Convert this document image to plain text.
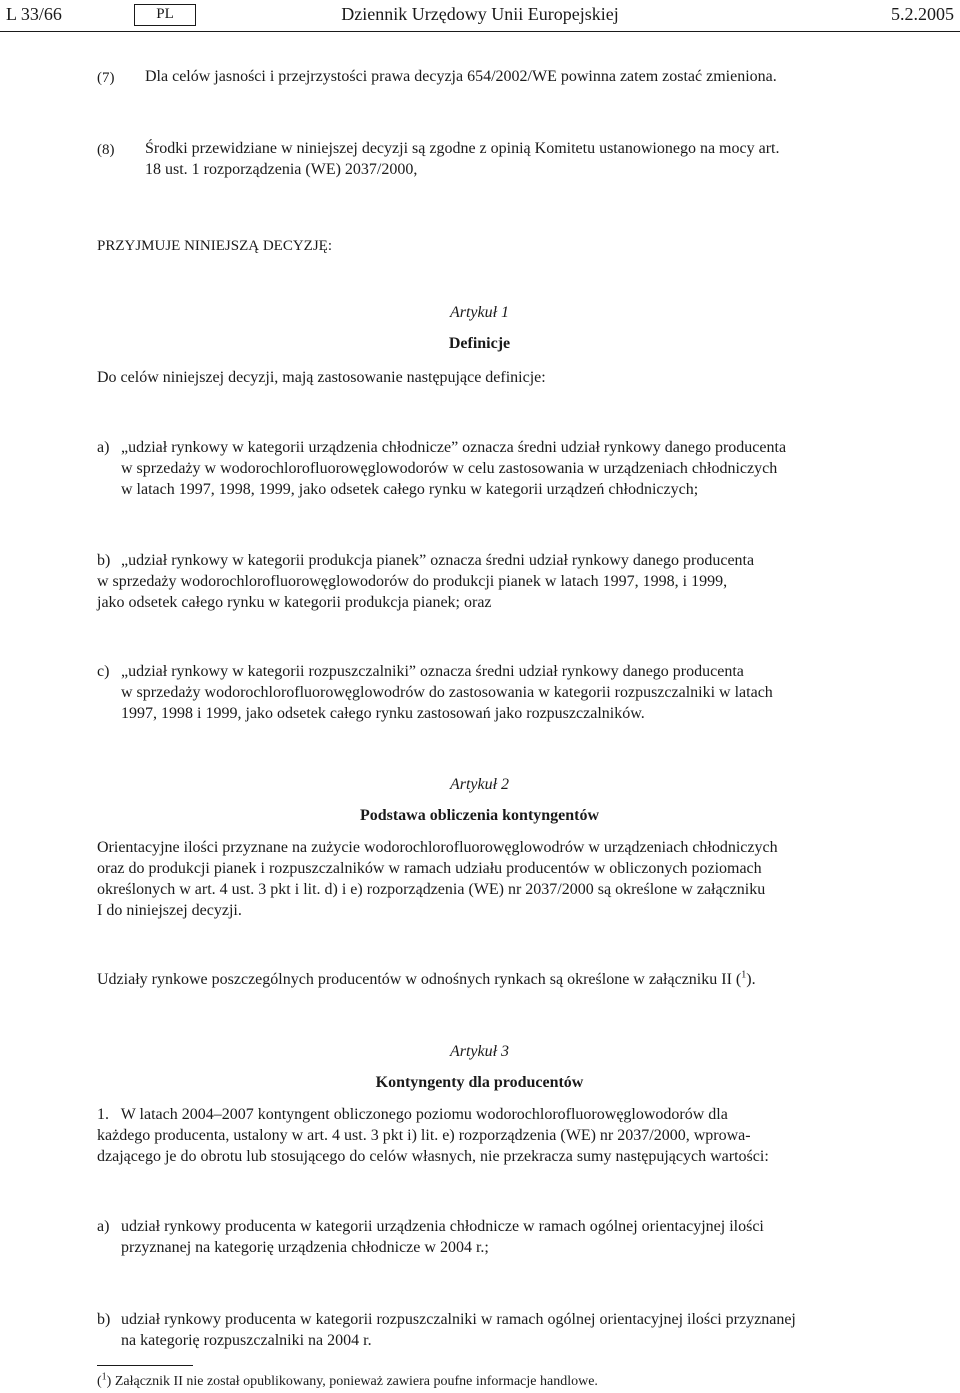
L 33/66	PL	Dziennik Urzędowy Unii Europejskiej	5.2.2005
(7) Dla celów jasności i przejrzystości prawa decyzja 654/2002/WE powinna zatem zostać zmieniona.
(8) Środki przewidziane w niniejszej decyzji są zgodne z opinią Komitetu ustanowionego na mocy art.
18 ust. 1 rozporządzenia (WE) 2037/2000,
PRZYJMUJE NINIEJSZĄ DECYZJĘ:
Artykuł 1
Definicje
Do celów niniejszej decyzji, mają zastosowanie następujące definicje:
a) „udział rynkowy w kategorii urządzenia chłodnicze” oznacza średni udział rynkowy danego producenta
w sprzedaży w wodorochlorofluorowęglowodorów w celu zastosowania w urządzeniach chłodniczych
w latach 1997, 1998, 1999, jako odsetek całego rynku w kategorii urządzeń chłodniczych;
b) „udział rynkowy w kategorii produkcja pianek” oznacza średni udział rynkowy danego producenta
w sprzedaży wodorochlorofluorowęglowodorów do produkcji pianek w latach 1997, 1998, i 1999,
jako odsetek całego rynku w kategorii produkcja pianek; oraz
c) „udział rynkowy w kategorii rozpuszczalniki” oznacza średni udział rynkowy danego producenta
w sprzedaży wodorochlorofluorowęglowodrów do zastosowania w kategorii rozpuszczalniki w latach
1997, 1998 i 1999, jako odsetek całego rynku zastosowań jako rozpuszczalników.
Artykuł 2
Podstawa obliczenia kontyngentów
Orientacyjne ilości przyznane na zużycie wodorochlorofluorowęglowodrów w urządzeniach chłodniczych
oraz do produkcji pianek i rozpuszczalników w ramach udziału producentów w obliczonych poziomach
określonych w art. 4 ust. 3 pkt i lit. d) i e) rozporządzenia (WE) nr 2037/2000 są określone w załączniku
I do niniejszej decyzji.
Udziały rynkowe poszczególnych producentów w odnośnych rynkach są określone w załączniku II ($^1$).
Artykuł 3
Kontyngenty dla producentów
1.   W latach 2004–2007 kontyngent obliczonego poziomu wodorochlorofluorowęglowodorów dla
każdego producenta, ustalony w art. 4 ust. 3 pkt i) lit. e) rozporządzenia (WE) nr 2037/2000, wprowa-
dzającego je do obrotu lub stosującego do celów własnych, nie przekracza sumy następujących wartości:
a) udział rynkowy producenta w kategorii urządzenia chłodnicze w ramach ogólnej orientacyjnej ilości
przyznanej na kategorię urządzenia chłodnicze w 2004 r.;
b) udział rynkowy producenta w kategorii rozpuszczalniki w ramach ogólnej orientacyjnej ilości przyznanej
na kategorię rozpuszczalniki na 2004 r.
($^1$) Załącznik II nie został opublikowany, ponieważ zawiera poufne informacje handlowe.
